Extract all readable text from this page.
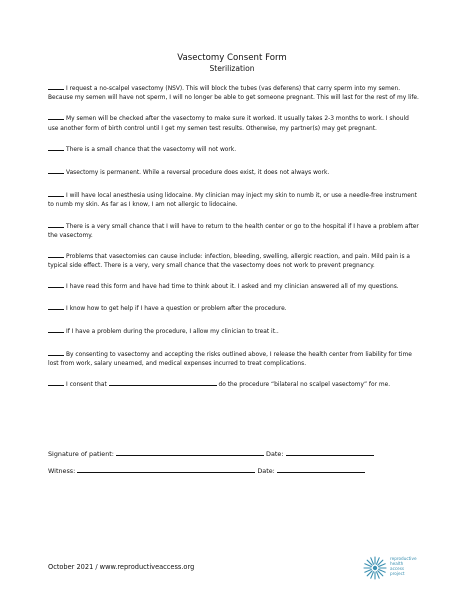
Vasectomy Consent Form
Sterilization
I request a no-scalpel vasectomy (NSV). This will block the tubes (vas deferens) that carry sperm into my semen. Because my semen will have not sperm, I will no longer be able to get someone pregnant. This will last for the rest of my life.
My semen will be checked after the vasectomy to make sure it worked. It usually takes 2-3 months to work. I should use another form of birth control until I get my semen test results. Otherwise, my partner(s) may get pregnant.
There is a small chance that the vasectomy will not work.
Vasectomy is permanent. While a reversal procedure does exist, it does not always work.
I will have local anesthesia using lidocaine. My clinician may inject my skin to numb it, or use a needle-free instrument to numb my skin. As far as I know, I am not allergic to lidocaine.
There is a very small chance that I will have to return to the health center or go to the hospital if I have a problem after the vasectomy.
Problems that vasectomies can cause include: infection, bleeding, swelling, allergic reaction, and pain. Mild pain is a typical side effect. There is a very, very small chance that the vasectomy does not work to prevent pregnancy.
I have read this form and have had time to think about it. I asked and my clinician answered all of my questions.
I know how to get help if I have a question or problem after the procedure.
If I have a problem during the procedure, I allow my clinician to treat it..
By consenting to vasectomy and accepting the risks outlined above, I release the health center from liability for time lost from work, salary unearned, and medical expenses incurred to treat complications.
I consent that	do the procedure “bilateral no scalpel vasectomy” for me.
Signature of patient:	Date:
Witness:	Date:
October 2021 / www.reproductiveaccess.org
reproductive
health
access
project
